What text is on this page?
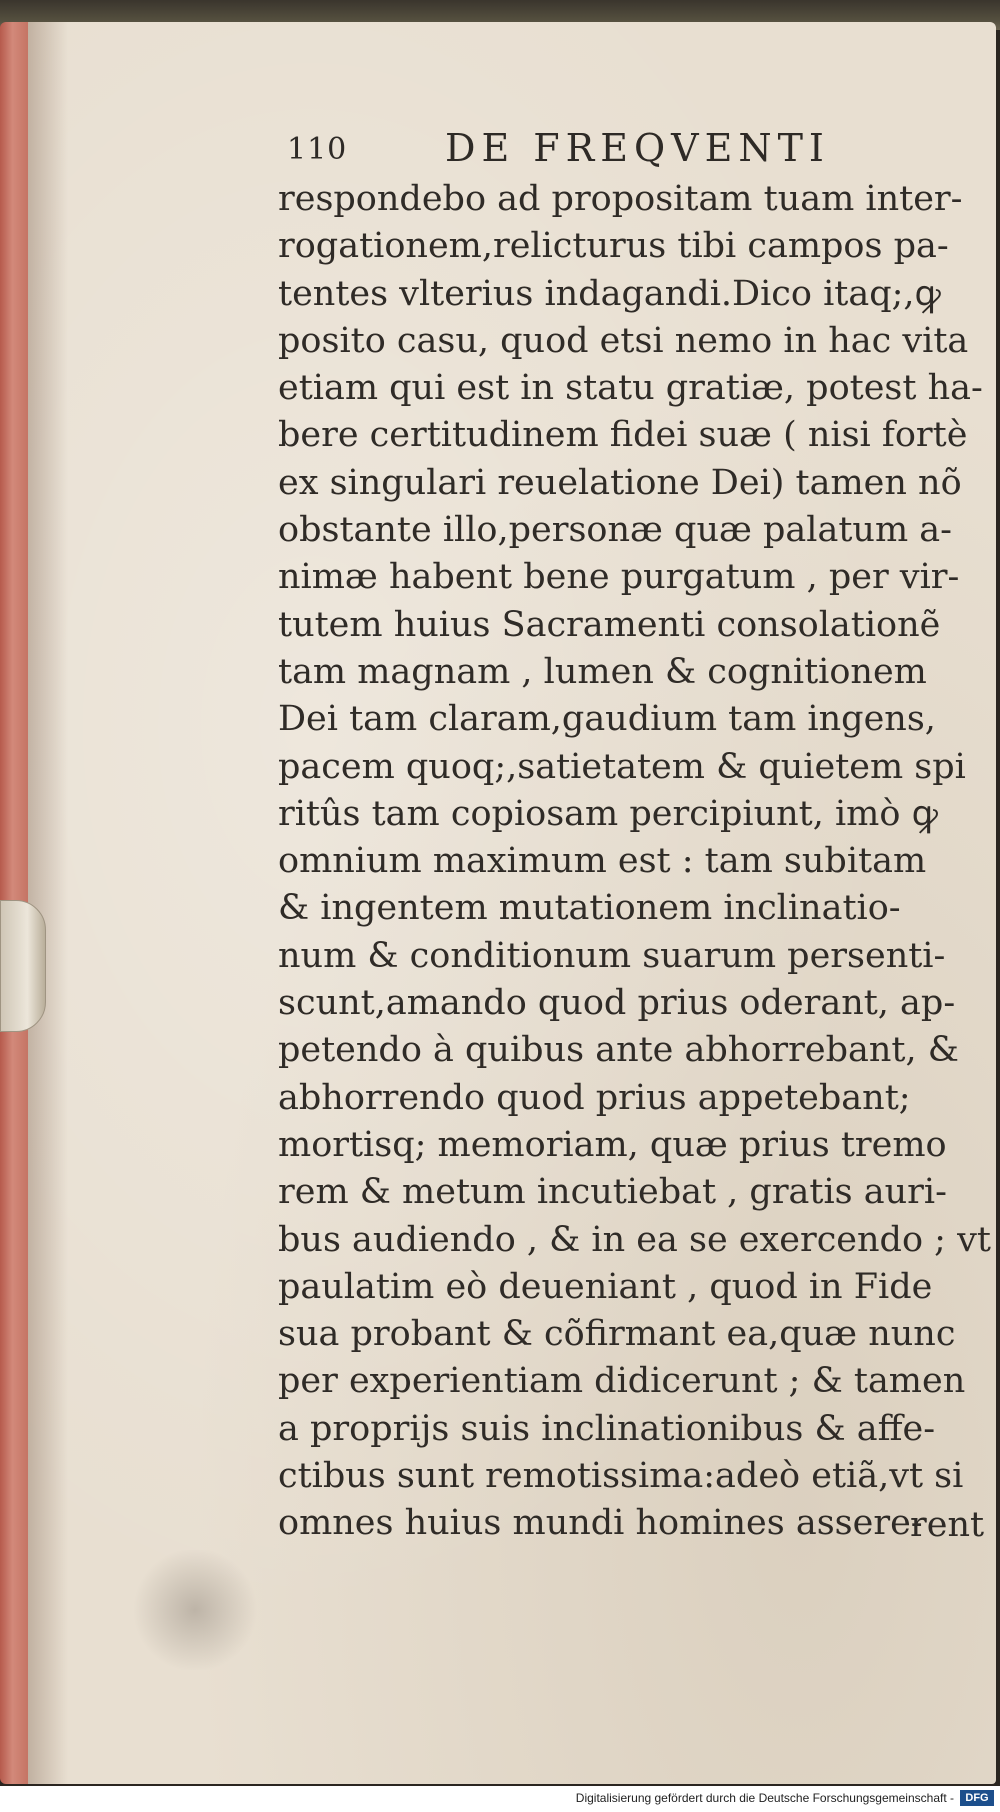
110	DE FREQVENTI
respondebo ad propositam tuam inter-
rogationem,relicturus tibi campos pa-
tentes vlterius indagandi.Dico itaq;,ꝙ
posito casu, quod etsi nemo in hac vita
etiam qui est in statu gratiæ, potest ha-
bere certitudinem fidei suæ ( nisi fortè
ex singulari reuelatione Dei) tamen nõ
obstante illo,personæ quæ palatum a-
nimæ habent bene purgatum , per vir-
tutem huius Sacramenti consolationẽ
tam magnam , lumen & cognitionem
Dei tam claram,gaudium tam ingens,
pacem quoq;,satietatem & quietem spi
ritûs tam copiosam percipiunt, imò ꝙ
omnium maximum est : tam subitam
& ingentem mutationem inclinatio-
num & conditionum suarum persenti-
scunt,amando quod prius oderant, ap-
petendo à quibus ante abhorrebant, &
abhorrendo quod prius appetebant;
mortisq; memoriam, quæ prius tremo
rem & metum incutiebat , gratis auri-
bus audiendo , & in ea se exercendo ; vt
paulatim eò deueniant , quod in Fide
sua probant & cõfirmant ea,quæ nunc
per experientiam didicerunt ; & tamen
a proprijs suis inclinationibus & affe-
ctibus sunt remotissima:adeò etiã,vt si
omnes huius mundi homines assere-
rent
Digitalisierung gefördert durch die Deutsche Forschungsgemeinschaft -	DFG
